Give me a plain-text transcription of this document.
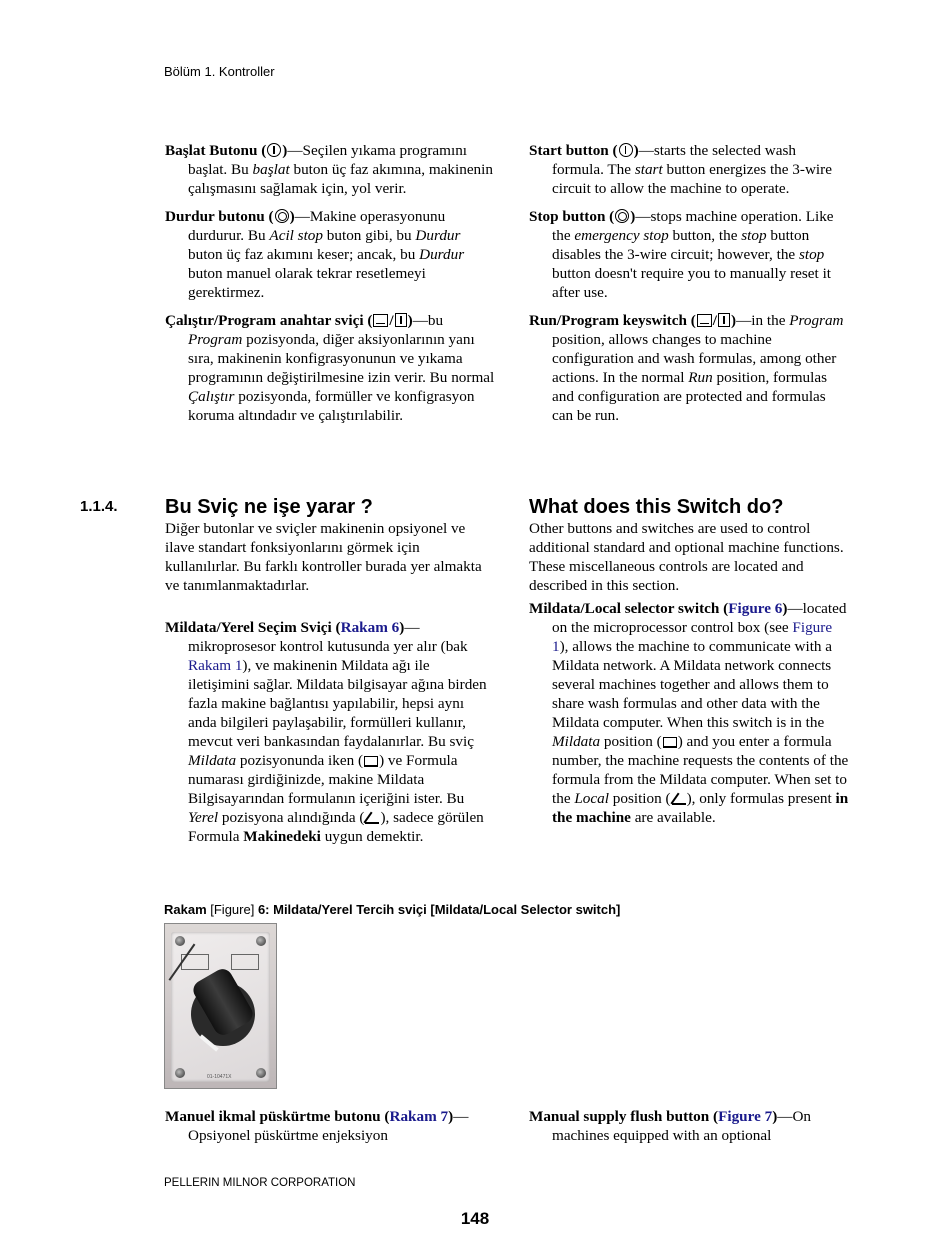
Bölüm 1. Kontroller

Başlat Butonu ( )—Seçilen yıkama programını başlat. Bu başlat buton üç faz akımına, makinenin çalışmasını sağlamak için, yol verir.

Durdur butonu ( )—Makine operasyonunu durdurur. Bu Acil stop buton gibi, bu Durdur buton üç faz akımını keser; ancak, bu Durdur buton manuel olarak tekrar resetlemeyi gerektirmez.

Çalıştır/Program anahtar sviçi ( / )—bu Program pozisyonda, diğer aksiyonlarının yanı sıra, makinenin konfigrasyonunun ve yıkama programının değiştirilmesine izin verir. Bu normal Çalıştır pozisyonda, formüller ve konfigrasyon koruma altındadır ve çalıştırılabilir.

Start button ( )—starts the selected wash formula. The start button energizes the 3-wire circuit to allow the machine to operate.

Stop button ( )—stops machine operation. Like the emergency stop button, the stop button disables the 3-wire circuit; however, the stop button doesn't require you to manually reset it after use.

Run/Program keyswitch ( / )—in the Program position, allows changes to machine configuration and wash formulas, among other actions. In the normal Run position, formulas and configuration are protected and formulas can be run.

1.1.4. Bu Sviç ne işe yarar ?	What does this Switch do?

Diğer butonlar ve sviçler makinenin opsiyonel ve ilave standart fonksiyonlarını görmek için kullanılırlar. Bu farklı kontroller burada yer almakta ve tanımlanmaktadırlar.

Mildata/Yerel Seçim Sviçi (Rakam 6)—mikroprosesor kontrol kutusunda yer alır (bak Rakam 1), ve makinenin Mildata ağı ile iletişimini sağlar. Mildata bilgisayar ağına birden fazla makine bağlantısı yapılabilir, hepsi aynı anda bilgileri paylaşabilir, formülleri kullanır, mevcut veri bankasından faydalanırlar. Bu sviç Mildata pozisyonunda iken ( ) ve Formula numarası girdiğinizde, makine Mildata Bilgisayarından formulanın içeriğini ister. Bu Yerel pozisyona alındığında ( ), sadece görülen Formula Makinedeki uygun demektir.

Other buttons and switches are used to control additional standard and optional machine functions. These miscellaneous controls are located and described in this section.

Mildata/Local selector switch (Figure 6)—located on the microprocessor control box (see Figure 1), allows the machine to communicate with a Mildata network. A Mildata network connects several machines together and allows them to share wash formulas and other data with the Mildata computer. When this switch is in the Mildata position ( ) and you enter a formula number, the machine requests the contents of the formula from the Mildata computer. When set to the Local position ( ), only formulas present in the machine are available.

Rakam [Figure] 6: Mildata/Yerel Tercih sviçi [Mildata/Local Selector switch]
01-10471X

Manuel ikmal püskürtme butonu (Rakam 7)—Opsiyonel püskürtme enjeksiyon

Manual supply flush button (Figure 7)—On machines equipped with an optional

PELLERIN MILNOR CORPORATION
148
